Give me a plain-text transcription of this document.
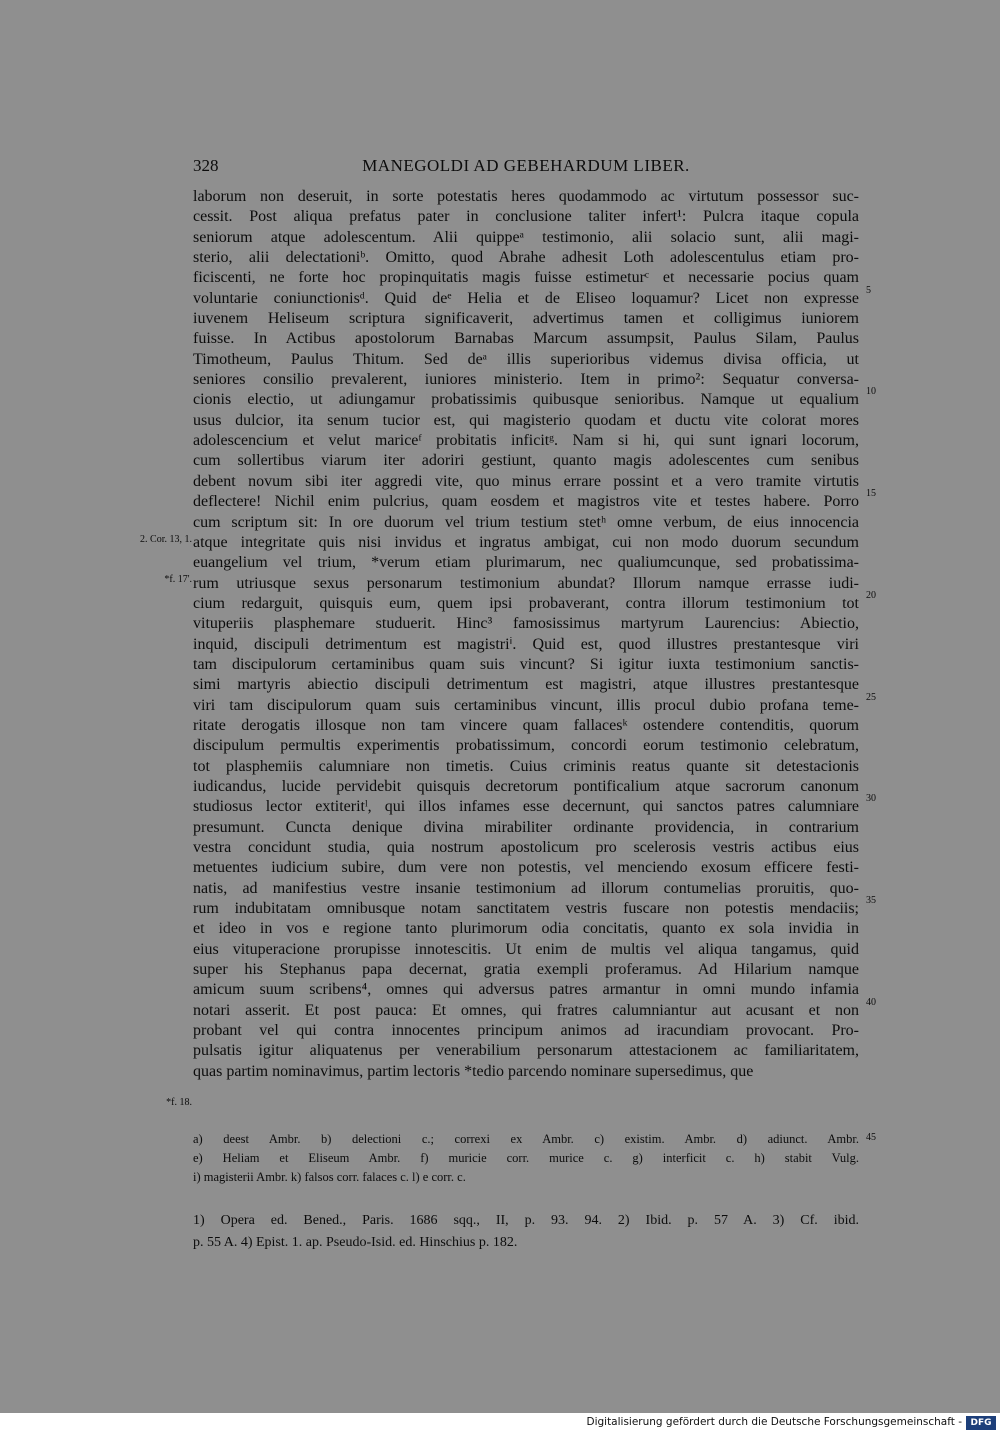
328	MANEGOLDI AD GEBEHARDUM LIBER.
laborum non deseruit, in sorte potestatis heres quodammodo ac virtutum possessor suc-
cessit. Post aliqua prefatus pater in conclusione taliter infert¹: Pulcra itaque copula
seniorum atque adolescentum. Alii quippeᵃ testimonio, alii solacio sunt, alii magi-
sterio, alii delectationiᵇ. Omitto, quod Abrahe adhesit Loth adolescentulus etiam pro-
ficiscenti, ne forte hoc propinquitatis magis fuisse estimeturᶜ et necessarie pocius quam
voluntarie coniunctionisᵈ. Quid deᵉ Helia et de Eliseo loquamur? Licet non expresse
iuvenem Heliseum scriptura significaverit, advertimus tamen et colligimus iuniorem
fuisse. In Actibus apostolorum Barnabas Marcum assumpsit, Paulus Silam, Paulus
Timotheum, Paulus Thitum. Sed deᵃ illis superioribus videmus divisa officia, ut
seniores consilio prevalerent, iuniores ministerio. Item in primo²: Sequatur conversa-
cionis electio, ut adiungamur probatissimis quibusque senioribus. Namque ut equalium
usus dulcior, ita senum tucior est, qui magisterio quodam et ductu vite colorat mores
adolescencium et velut mariceᶠ probitatis inficitᵍ. Nam si hi, qui sunt ignari locorum,
cum sollertibus viarum iter adoriri gestiunt, quanto magis adolescentes cum senibus
debent novum sibi iter aggredi vite, quo minus errare possint et a vero tramite virtutis
deflectere! Nichil enim pulcrius, quam eosdem et magistros vite et testes habere. Porro
cum scriptum sit: In ore duorum vel trium testium stetʰ omne verbum, de eius innocencia
atque integritate quis nisi invidus et ingratus ambigat, cui non modo duorum secundum
euangelium vel trium, *verum etiam plurimarum, nec qualiumcunque, sed probatissima-
rum utriusque sexus personarum testimonium abundat? Illorum namque errasse iudi-
cium redarguit, quisquis eum, quem ipsi probaverant, contra illorum testimonium tot
vituperiis plasphemare studuerit. Hinc³ famosissimus martyrum Laurencius: Abiectio,
inquid, discipuli detrimentum est magistriⁱ. Quid est, quod illustres prestantesque viri
tam discipulorum certaminibus quam suis vincunt? Si igitur iuxta testimonium sanctis-
simi martyris abiectio discipuli detrimentum est magistri, atque illustres prestantesque
viri tam discipulorum quam suis certaminibus vincunt, illis procul dubio profana teme-
ritate derogatis illosque non tam vincere quam fallacesᵏ ostendere contenditis, quorum
discipulum permultis experimentis probatissimum, concordi eorum testimonio celebratum,
tot plasphemiis calumniare non timetis. Cuius criminis reatus quante sit detestacionis
iudicandus, lucide pervidebit quisquis decretorum pontificalium atque sacrorum canonum
studiosus lector extiteritˡ, qui illos infames esse decernunt, qui sanctos patres calumniare
presumunt. Cuncta denique divina mirabiliter ordinante providencia, in contrarium
vestra concidunt studia, quia nostrum apostolicum pro scelerosis vestris actibus eius
metuentes iudicium subire, dum vere non potestis, vel menciendo exosum efficere festi-
natis, ad manifestius vestre insanie testimonium ad illorum contumelias proruitis, quo-
rum indubitatam omnibusque notam sanctitatem vestris fuscare non potestis mendaciis;
et ideo in vos e regione tanto plurimorum odia concitatis, quanto ex sola invidia in
eius vituperacione prorupisse innotescitis. Ut enim de multis vel aliqua tangamus, quid
super his Stephanus papa decernat, gratia exempli proferamus. Ad Hilarium namque
amicum suum scribens⁴, omnes qui adversus patres armantur in omni mundo infamia
notari asserit. Et post pauca: Et omnes, qui fratres calumniantur aut acusant et non
probant vel qui contra innocentes principum animos ad iracundiam provocant. Pro-
pulsatis igitur aliquatenus per venerabilium personarum attestacionem ac familiaritatem,
quas partim nominavimus, partim lectoris *tedio parcendo nominare supersedimus, que
5
10
15
20
25
30
35
40
2. Cor. 13, 1.
*f. 17'.
*f. 18.
a) deest Ambr. b) delectioni c.; correxi ex Ambr. c) existim. Ambr. d) adiunct. Ambr.
e) Heliam et Eliseum Ambr. f) muricie corr. murice c. g) interficit c. h) stabit Vulg.
i) magisterii Ambr. k) falsos corr. falaces c. l) e corr. c.
45
1) Opera ed. Bened., Paris. 1686 sqq., II, p. 93. 94. 2) Ibid. p. 57 A. 3) Cf. ibid.
p. 55 A. 4) Epist. 1. ap. Pseudo-Isid. ed. Hinschius p. 182.
Digitalisierung gefördert durch die Deutsche Forschungsgemeinschaft - DFG
